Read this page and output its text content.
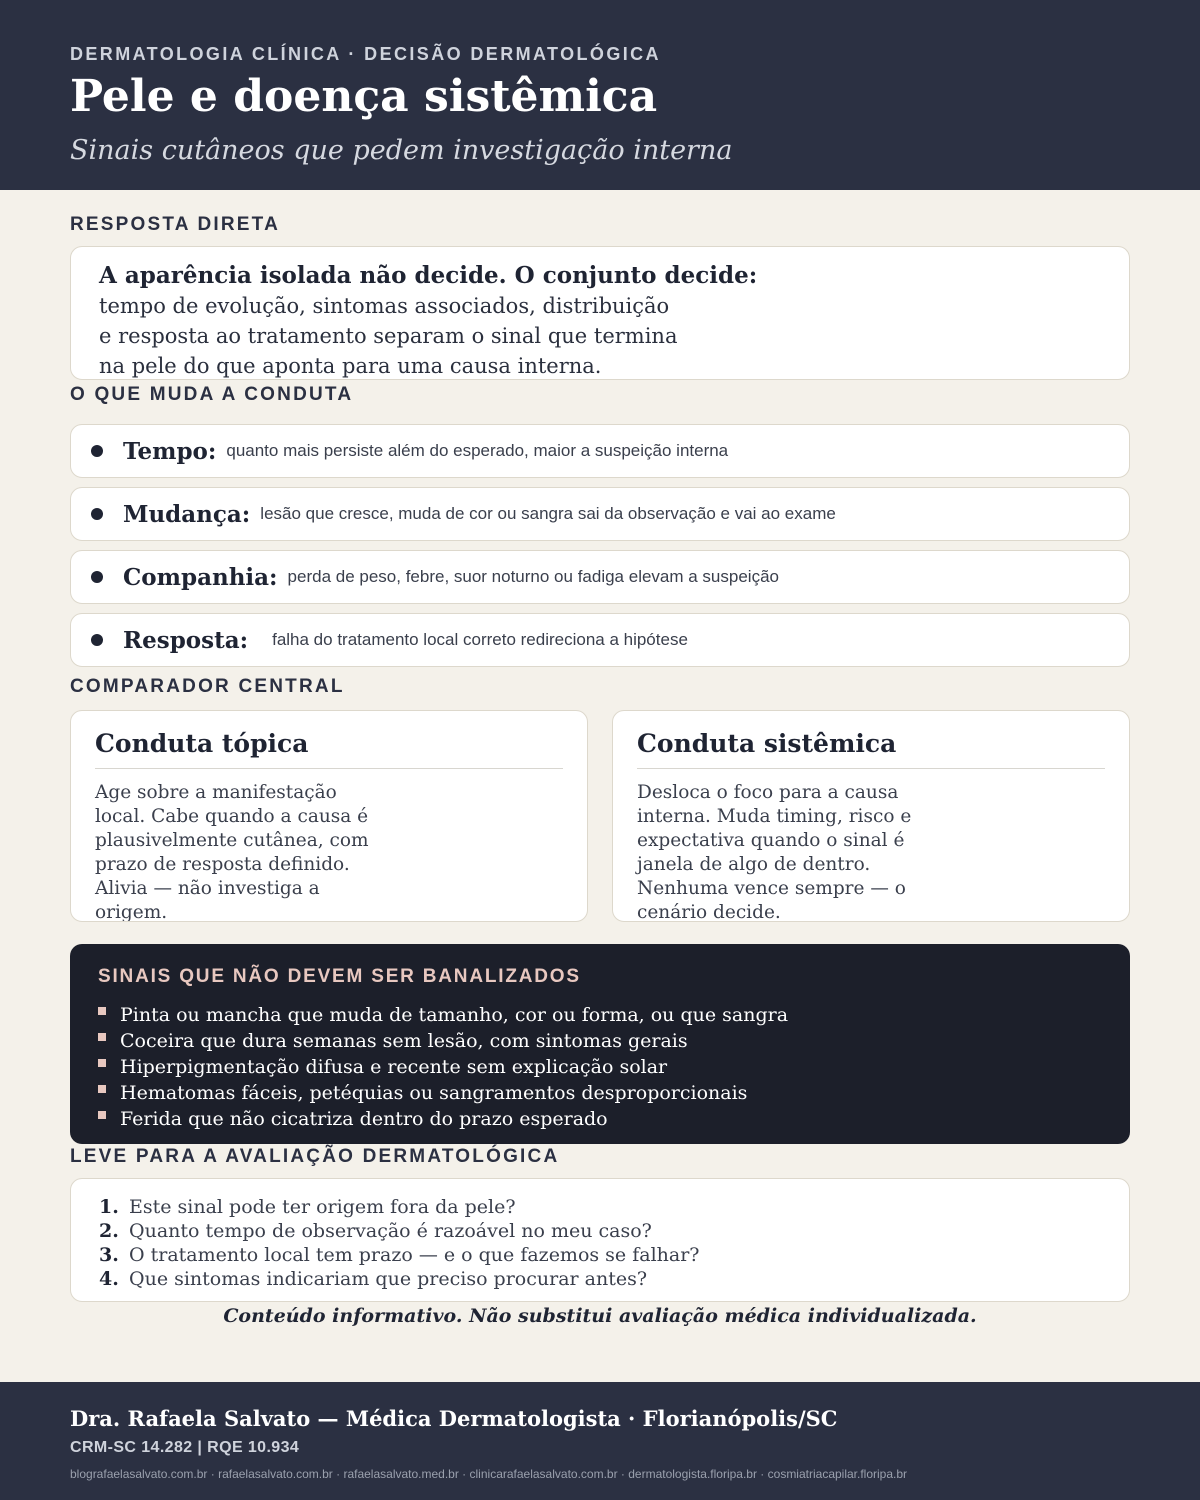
DERMATOLOGIA CLÍNICA · DECISÃO DERMATOLÓGICA
Pele e doença sistêmica
Sinais cutâneos que pedem investigação interna
RESPOSTA DIRETA
A aparência isolada não decide. O conjunto decide:
tempo de evolução, sintomas associados, distribuição
e resposta ao tratamento separam o sinal que termina
na pele do que aponta para uma causa interna.
O QUE MUDA A CONDUTA
Tempo: quanto mais persiste além do esperado, maior a suspeição interna
Mudança: lesão que cresce, muda de cor ou sangra sai da observação e vai ao exame
Companhia: perda de peso, febre, suor noturno ou fadiga elevam a suspeição
Resposta: falha do tratamento local correto redireciona a hipótese
COMPARADOR CENTRAL
Conduta tópica
Age sobre a manifestação local. Cabe quando a causa é plausivelmente cutânea, com prazo de resposta definido. Alivia — não investiga a origem.
Conduta sistêmica
Desloca o foco para a causa interna. Muda timing, risco e expectativa quando o sinal é janela de algo de dentro. Nenhuma vence sempre — o cenário decide.
SINAIS QUE NÃO DEVEM SER BANALIZADOS
Pinta ou mancha que muda de tamanho, cor ou forma, ou que sangra
Coceira que dura semanas sem lesão, com sintomas gerais
Hiperpigmentação difusa e recente sem explicação solar
Hematomas fáceis, petéquias ou sangramentos desproporcionais
Ferida que não cicatriza dentro do prazo esperado
LEVE PARA A AVALIAÇÃO DERMATOLÓGICA
1. Este sinal pode ter origem fora da pele?
2. Quanto tempo de observação é razoável no meu caso?
3. O tratamento local tem prazo — e o que fazemos se falhar?
4. Que sintomas indicariam que preciso procurar antes?
Conteúdo informativo. Não substitui avaliação médica individualizada.
Dra. Rafaela Salvato — Médica Dermatologista · Florianópolis/SC
CRM-SC 14.282 | RQE 10.934
blografaelasalvato.com.br · rafaelasalvato.com.br · rafaelasalvato.med.br · clinicarafaelasalvato.com.br · dermatologista.floripa.br · cosmiatriacapilar.floripa.br
